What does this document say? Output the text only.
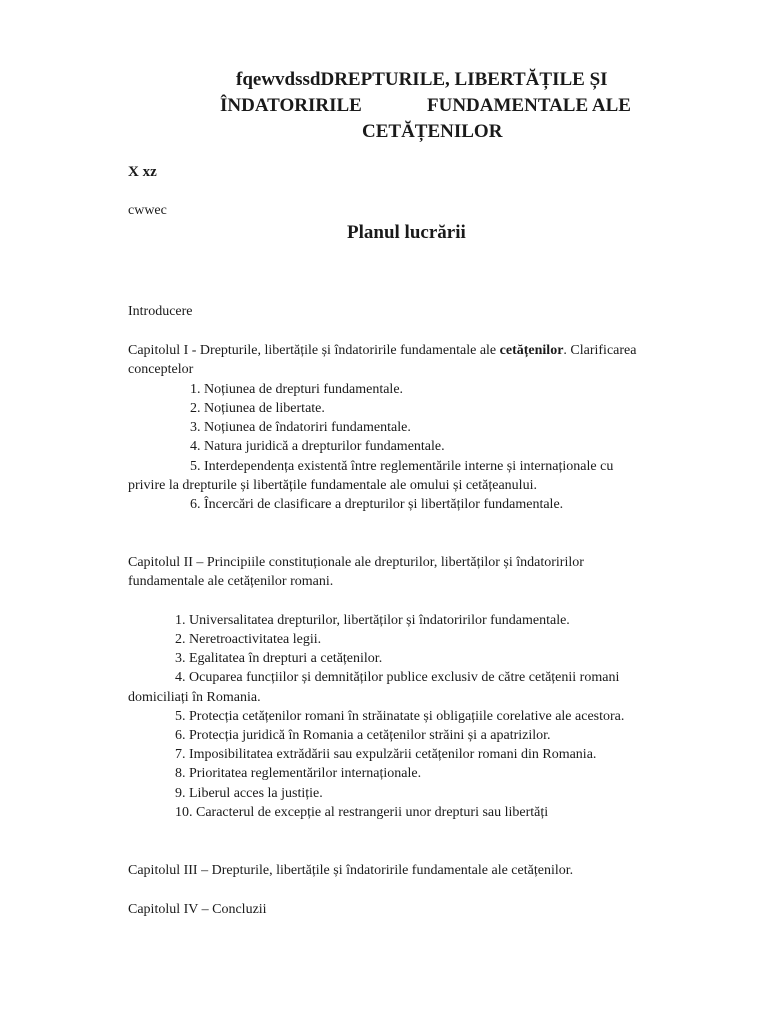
fqewvdssdDREPTURILE, LIBERTĂȚILE ȘI
ÎNDATORIRILE	FUNDAMENTALE ALE
CETĂȚENILOR
X xz
cwwec
Planul lucrării
Introducere
Capitolul I - Drepturile, libertățile și îndatoririle fundamentale ale cetățenilor. Clarificarea
conceptelor
1. Noțiunea de drepturi fundamentale.
2. Noțiunea de libertate.
3. Noțiunea de îndatoriri fundamentale.
4. Natura juridică a drepturilor fundamentale.
5. Interdependența existentă între reglementările interne și internaționale cu
privire la drepturile și libertățile fundamentale ale omului și cetățeanului.
6. Încercări de clasificare a drepturilor și libertăților fundamentale.
Capitolul II – Principiile constituționale ale drepturilor, libertăților și îndatoririlor
fundamentale ale cetățenilor romani.
1. Universalitatea drepturilor, libertăților și îndatoririlor fundamentale.
2. Neretroactivitatea legii.
3. Egalitatea în drepturi a cetățenilor.
4. Ocuparea funcțiilor și demnităților publice exclusiv de către cetățenii romani
domiciliați în Romania.
5. Protecția cetățenilor romani în străinatate și obligațiile corelative ale acestora.
6. Protecția juridică în Romania a cetățenilor străini și a apatrizilor.
7. Imposibilitatea extrădării sau expulzării cetățenilor romani din Romania.
8. Prioritatea reglementărilor internaționale.
9. Liberul acces la justiție.
10. Caracterul de excepție al restrangerii unor drepturi sau libertăți
Capitolul III – Drepturile, libertățile și îndatoririle fundamentale ale cetățenilor.
Capitolul IV – Concluzii
